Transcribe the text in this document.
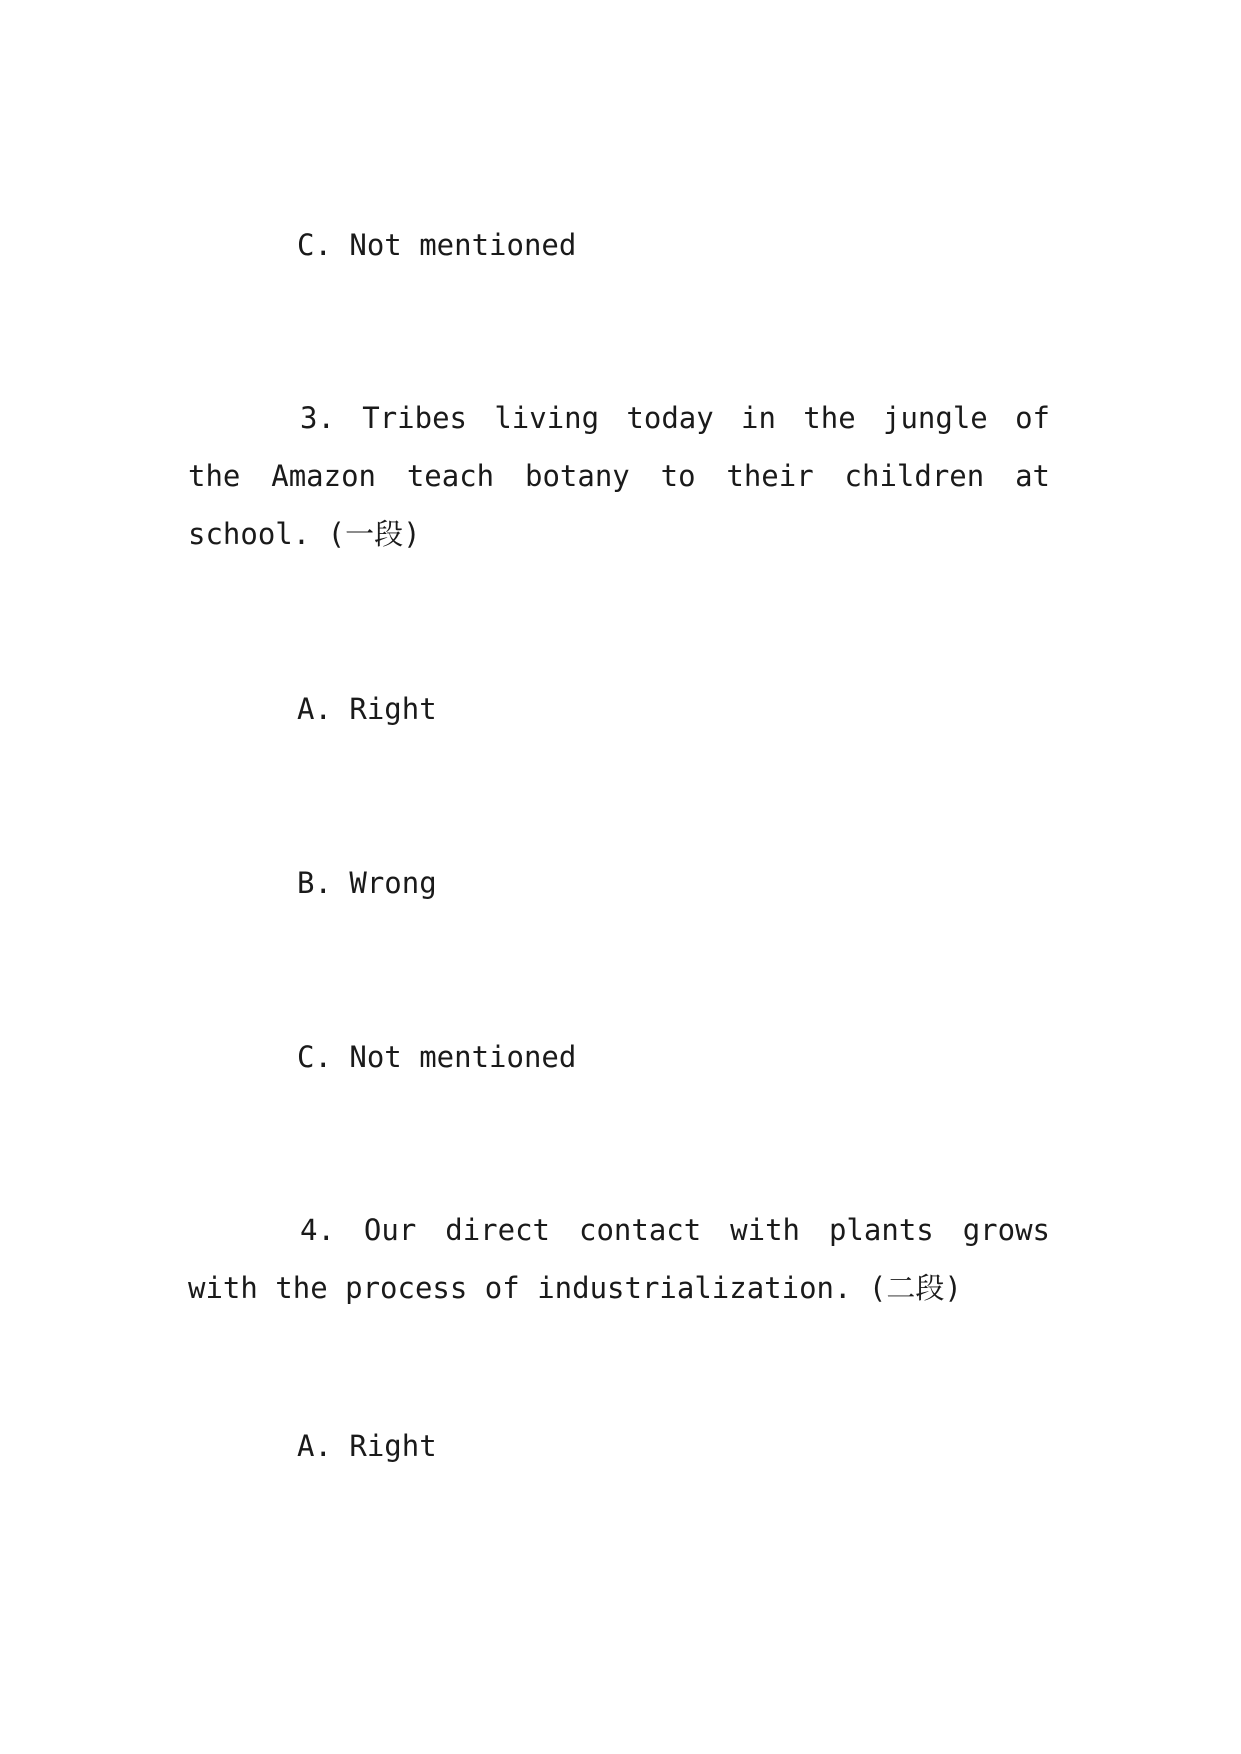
C. Not mentioned

3. Tribes living today in the jungle of the Amazon teach botany to their children at school. (一段)

A. Right

B. Wrong

C. Not mentioned

4. Our direct contact with plants grows with the process of industrialization. (二段)

A. Right
